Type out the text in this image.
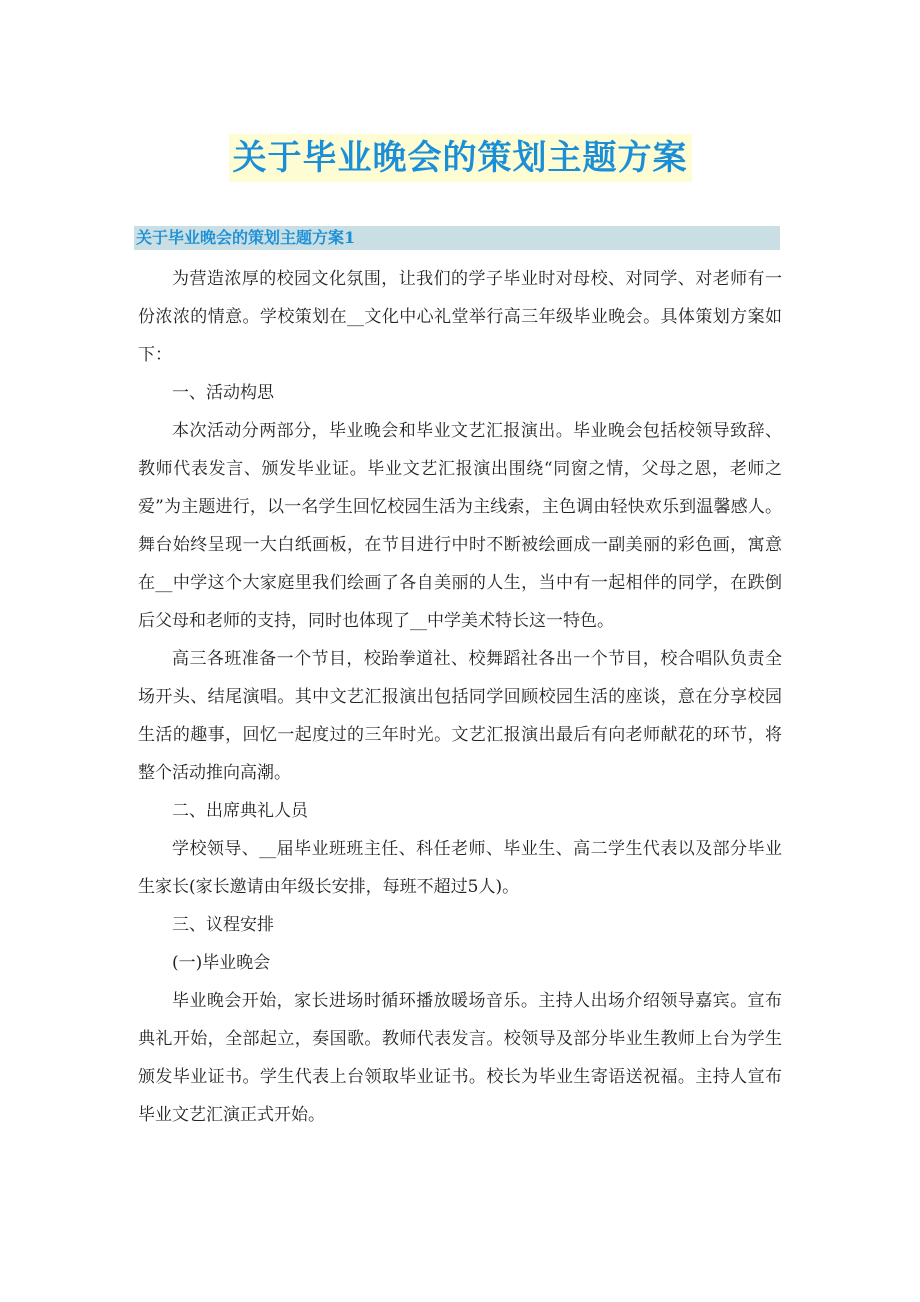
关于毕业晚会的策划主题方案
关于毕业晚会的策划主题方案1

为营造浓厚的校园文化氛围，让我们的学子毕业时对母校、对同学、对老师有一份浓浓的情意。学校策划在__文化中心礼堂举行高三年级毕业晚会。具体策划方案如下：

一、活动构思

本次活动分两部分，毕业晚会和毕业文艺汇报演出。毕业晚会包括校领导致辞、教师代表发言、颁发毕业证。毕业文艺汇报演出围绕“同窗之情，父母之恩，老师之爱”为主题进行，以一名学生回忆校园生活为主线索，主色调由轻快欢乐到温馨感人。舞台始终呈现一大白纸画板，在节目进行中时不断被绘画成一副美丽的彩色画，寓意在__中学这个大家庭里我们绘画了各自美丽的人生，当中有一起相伴的同学，在跌倒后父母和老师的支持，同时也体现了__中学美术特长这一特色。

高三各班准备一个节目，校跆拳道社、校舞蹈社各出一个节目，校合唱队负责全场开头、结尾演唱。其中文艺汇报演出包括同学回顾校园生活的座谈，意在分享校园生活的趣事，回忆一起度过的三年时光。文艺汇报演出最后有向老师献花的环节，将整个活动推向高潮。

二、出席典礼人员

学校领导、__届毕业班班主任、科任老师、毕业生、高二学生代表以及部分毕业生家长(家长邀请由年级长安排，每班不超过5人)。

三、议程安排

(一)毕业晚会

毕业晚会开始，家长进场时循环播放暖场音乐。主持人出场介绍领导嘉宾。宣布典礼开始，全部起立，奏国歌。教师代表发言。校领导及部分毕业生教师上台为学生颁发毕业证书。学生代表上台领取毕业证书。校长为毕业生寄语送祝福。主持人宣布毕业文艺汇演正式开始。
